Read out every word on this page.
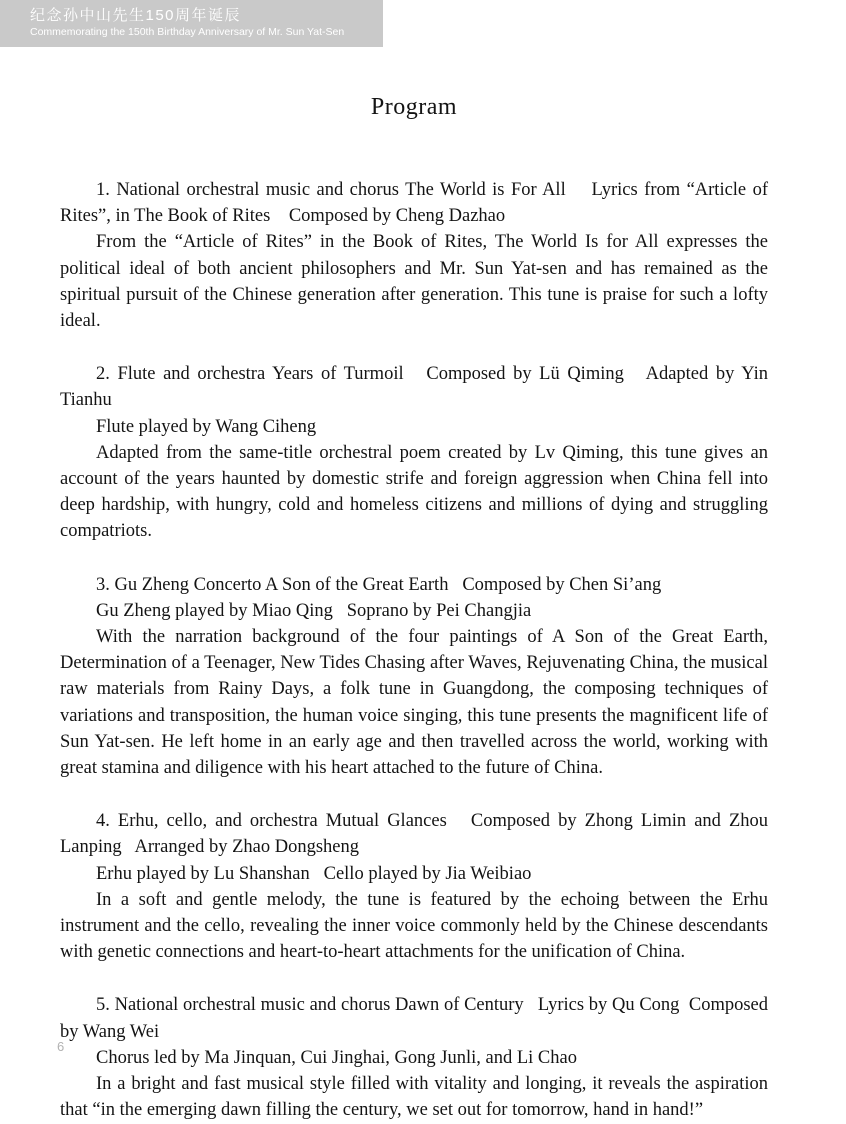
纪念孙中山先生150周年诞辰
Commemorating the 150th Birthday Anniversary of Mr. Sun Yat-Sen
Program

1. National orchestral music and chorus The World is For All    Lyrics from “Article of Rites”, in The Book of Rites    Composed by Cheng Dazhao

From the “Article of Rites” in the Book of Rites, The World Is for All expresses the political ideal of both ancient philosophers and Mr. Sun Yat-sen and has remained as the spiritual pursuit of the Chinese generation after generation. This tune is praise for such a lofty ideal.

2. Flute and orchestra Years of Turmoil   Composed by Lü Qiming   Adapted by Yin Tianhu

Flute played by Wang Ciheng

Adapted from the same-title orchestral poem created by Lv Qiming, this tune gives an account of the years haunted by domestic strife and foreign aggression when China fell into deep hardship, with hungry, cold and homeless citizens and millions of dying and struggling compatriots.

3. Gu Zheng Concerto A Son of the Great Earth   Composed by Chen Si’ang

Gu Zheng played by Miao Qing   Soprano by Pei Changjia

With the narration background of the four paintings of A Son of the Great Earth, Determination of a Teenager, New Tides Chasing after Waves, Rejuvenating China, the musical raw materials from Rainy Days, a folk tune in Guangdong, the composing techniques of variations and transposition, the human voice singing, this tune presents the magnificent life of Sun Yat-sen. He left home in an early age and then travelled across the world, working with great stamina and diligence with his heart attached to the future of China.

4. Erhu, cello, and orchestra Mutual Glances   Composed by Zhong Limin and Zhou Lanping   Arranged by Zhao Dongsheng

Erhu played by Lu Shanshan   Cello played by Jia Weibiao

In a soft and gentle melody, the tune is featured by the echoing between the Erhu instrument and the cello, revealing the inner voice commonly held by the Chinese descendants with genetic connections and heart-to-heart attachments for the unification of China.

5. National orchestral music and chorus Dawn of Century   Lyrics by Qu Cong  Composed by Wang Wei

Chorus led by Ma Jinquan, Cui Jinghai, Gong Junli, and Li Chao

In a bright and fast musical style filled with vitality and longing, it reveals the aspiration that “in the emerging dawn filling the century, we set out for tomorrow, hand in hand!”

6
